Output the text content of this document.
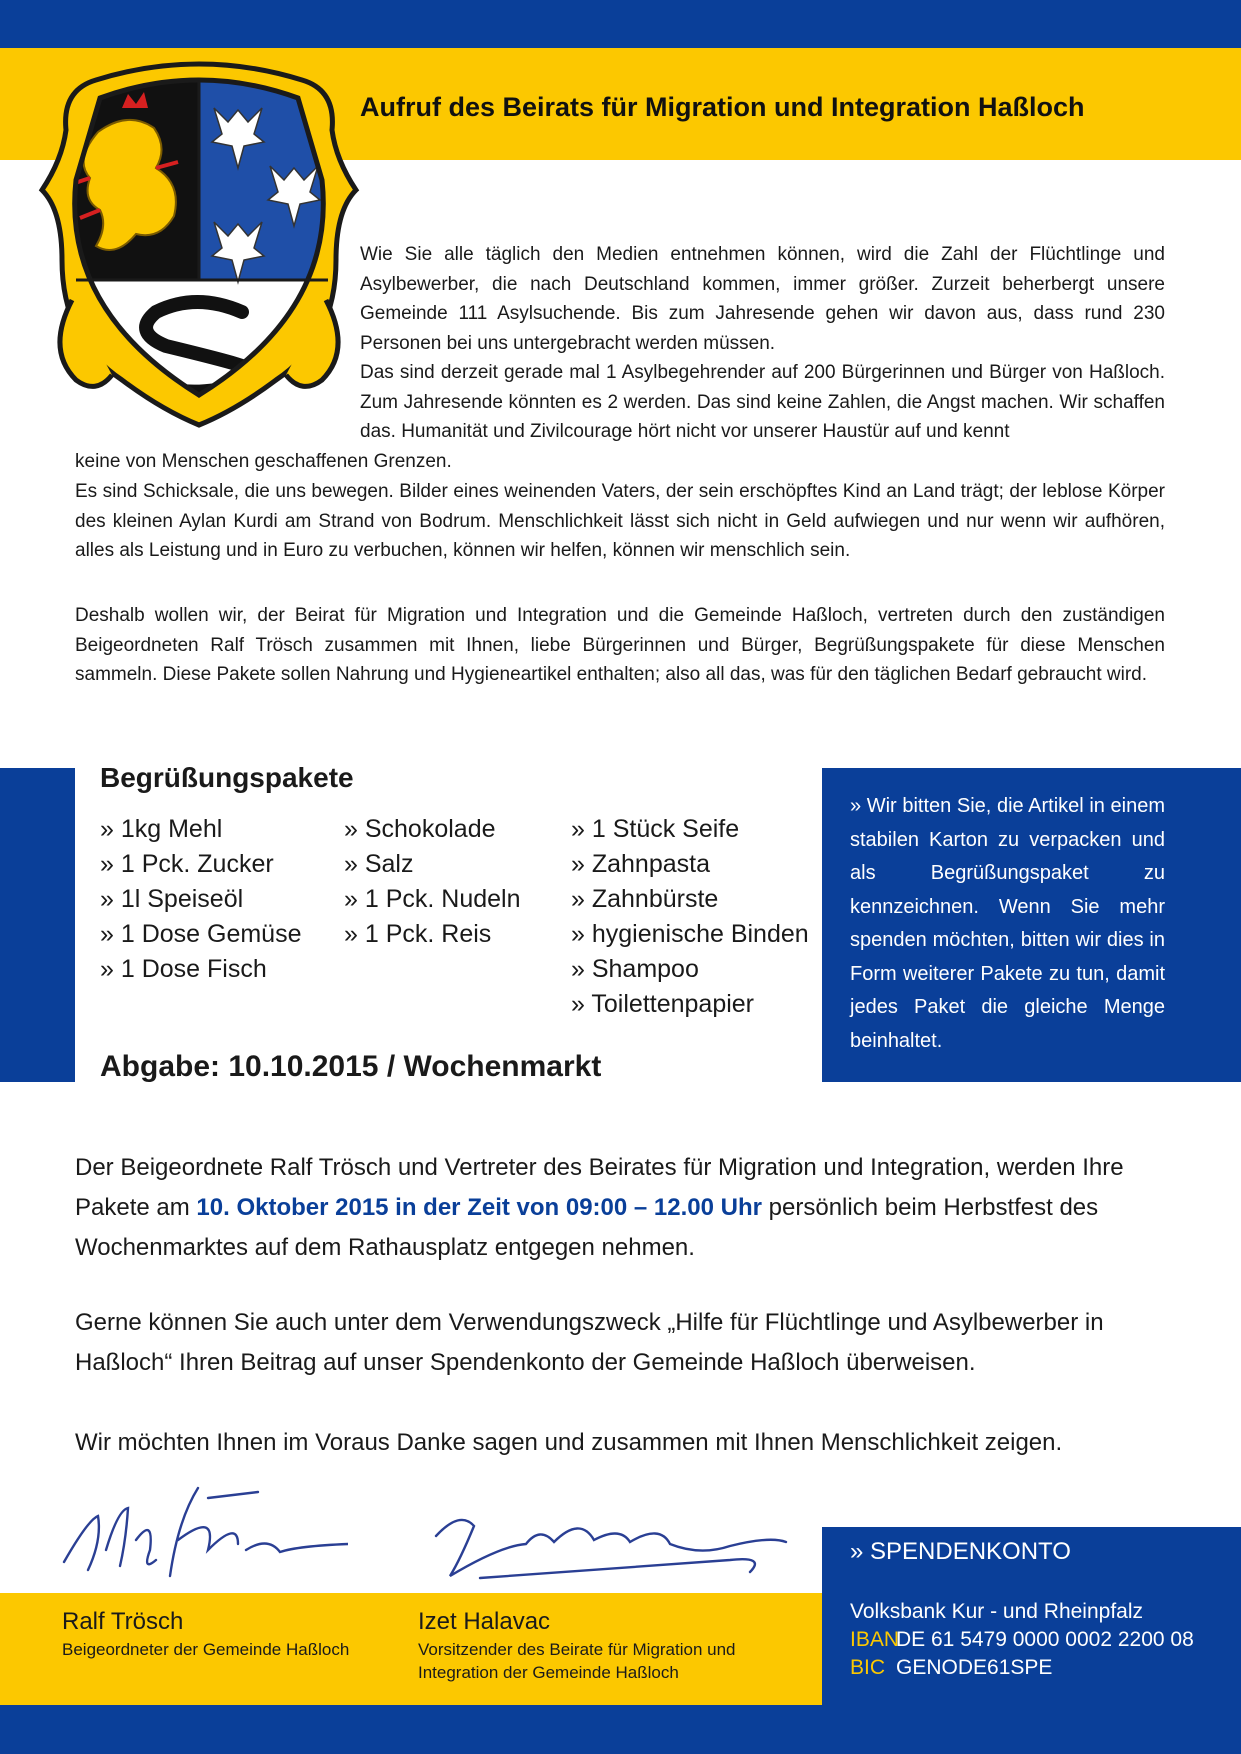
Aufruf des Beirats für Migration und Integration Haßloch

Wie Sie alle täglich den Medien entnehmen können, wird die Zahl der Flüchtlinge und Asylbewerber, die nach Deutschland kommen, immer größer. Zurzeit beherbergt unsere Gemeinde 111 Asylsuchende. Bis zum Jahresende gehen wir davon aus, dass rund 230 Personen bei uns untergebracht werden müssen.

Das sind derzeit gerade mal 1 Asylbegehrender auf 200 Bürgerinnen und Bürger von Haßloch. Zum Jahresende könnten es 2 werden. Das sind keine Zahlen, die Angst machen. Wir schaffen das. Humanität und Zivilcourage hört nicht vor unserer Haustür auf und kennt

keine von Menschen geschaffenen Grenzen.

Es sind Schicksale, die uns bewegen. Bilder eines weinenden Vaters, der sein erschöpftes Kind an Land trägt; der leblose Körper des kleinen Aylan Kurdi am Strand von Bodrum. Menschlichkeit lässt sich nicht in Geld aufwiegen und nur wenn wir aufhören, alles als Leistung und in Euro zu verbuchen, können wir helfen, können wir menschlich sein.

Deshalb wollen wir, der Beirat für Migration und Integration und die Gemeinde Haßloch, vertreten durch den zuständigen Beigeordneten Ralf Trösch zusammen mit Ihnen, liebe Bürgerinnen und Bürger, Begrüßungspakete für diese Menschen sammeln. Diese Pakete sollen Nahrung und Hygieneartikel enthalten; also all das, was für den täglichen Bedarf gebraucht wird.

Begrüßungspakete
» 1kg Mehl
» 1 Pck. Zucker
» 1l Speiseöl
» 1 Dose Gemüse
» 1 Dose Fisch
» Schokolade
» Salz
» 1 Pck. Nudeln
» 1 Pck. Reis
» 1 Stück Seife
» Zahnpasta
» Zahnbürste
» hygienische Binden
» Shampoo
» Toilettenpapier
Abgabe: 10.10.2015 / Wochenmarkt

» Wir bitten Sie, die Artikel in einem stabilen Karton zu verpacken und als Begrüßungspaket zu kennzeichnen. Wenn Sie mehr spenden möchten, bitten wir dies in Form weiterer Pakete zu tun, damit jedes Paket die gleiche Menge beinhaltet.

Der Beigeordnete Ralf Trösch und Vertreter des Beirates für Migration und Integration, werden Ihre Pakete am 10. Oktober 2015 in der Zeit von 09:00 – 12.00 Uhr persönlich beim Herbstfest des Wochenmarktes auf dem Rathausplatz entgegen nehmen.

Gerne können Sie auch unter dem Verwendungszweck „Hilfe für Flüchtlinge und Asylbewerber in Haßloch“ Ihren Beitrag auf unser Spendenkonto der Gemeinde Haßloch überweisen.

Wir möchten Ihnen im Voraus Danke sagen und zusammen mit Ihnen Menschlichkeit zeigen.

Ralf Trösch
Beigeordneter der Gemeinde Haßloch
Izet Halavac
Vorsitzender des Beirate für Migration und Integration der Gemeinde Haßloch
» SPENDENKONTO
Volksbank Kur - und Rheinpfalz
IBANDE 61 5479 0000 0002 2200 08
BIC GENODE61SPE
